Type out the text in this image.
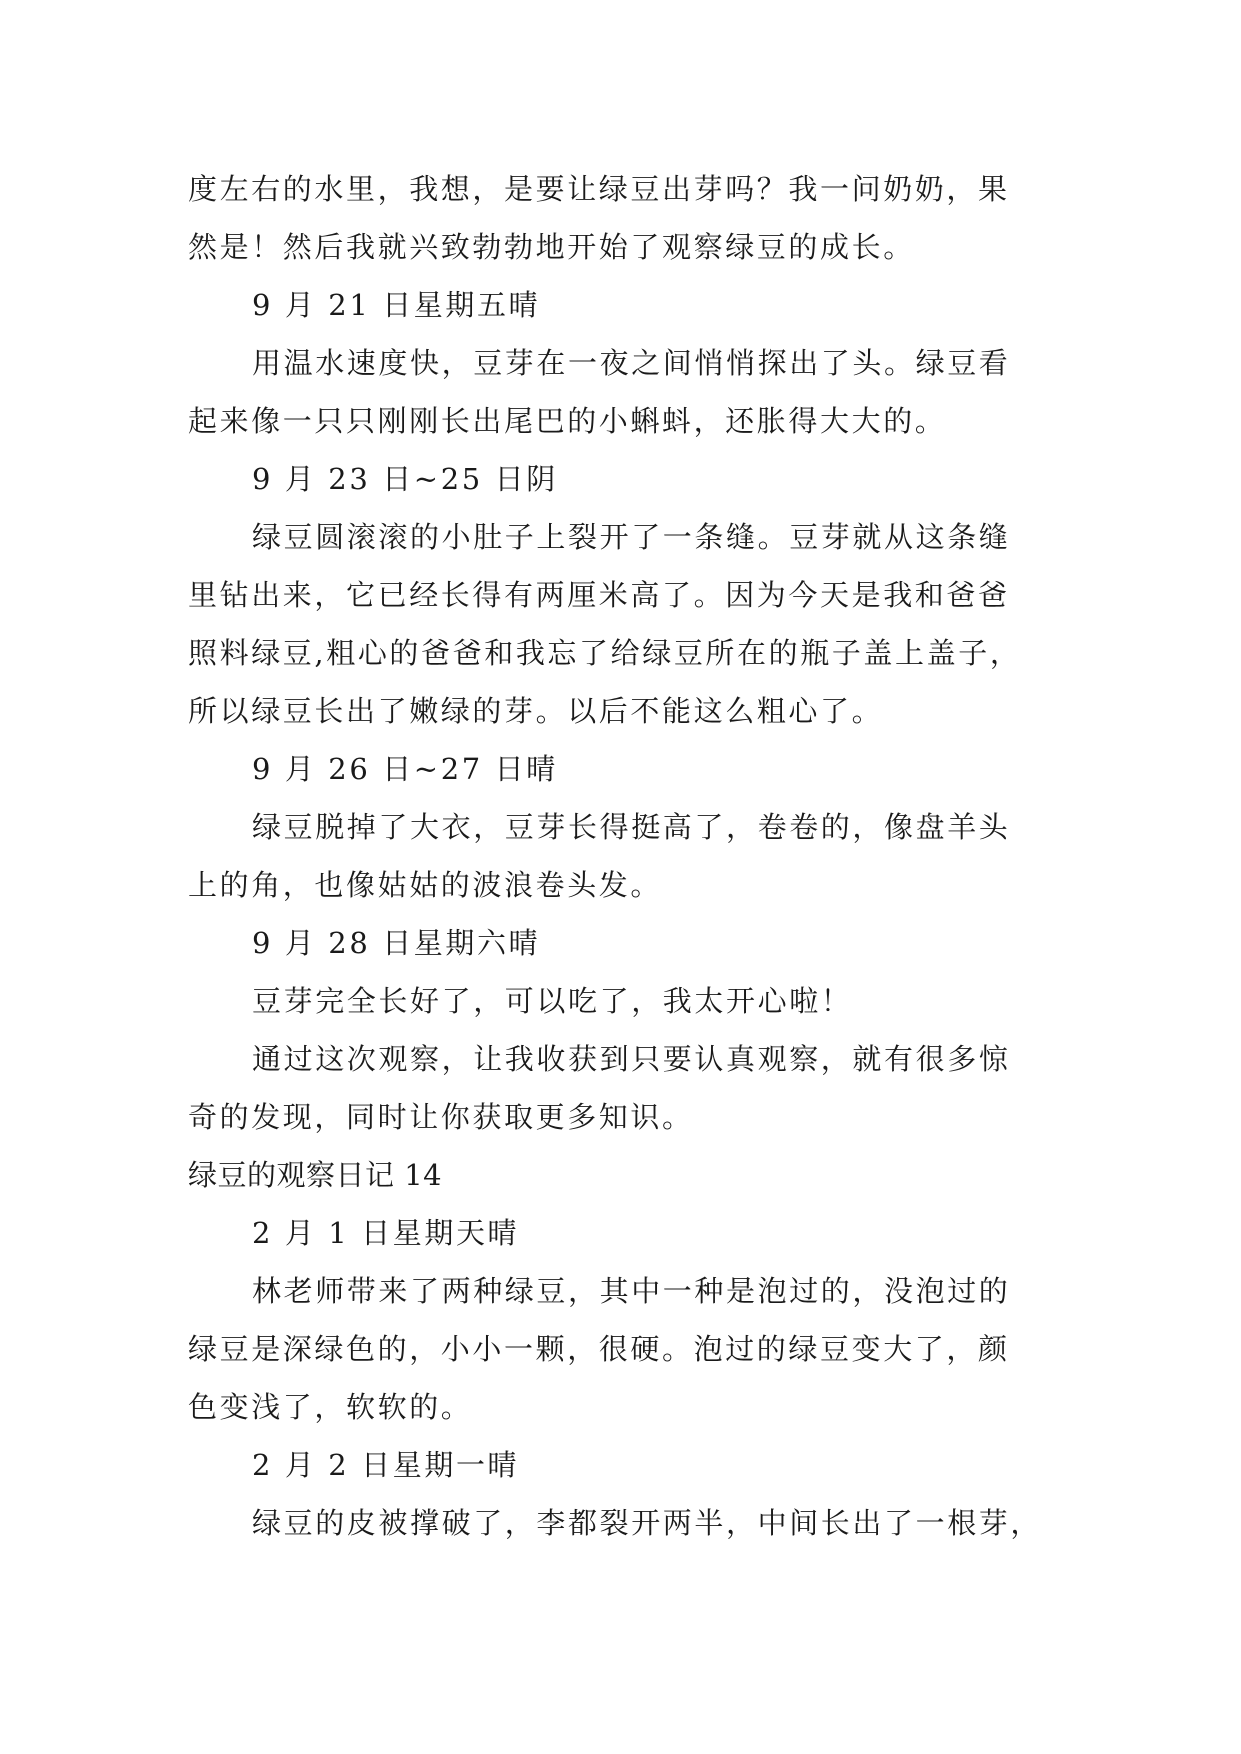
度左右的水里，我想，是要让绿豆出芽吗？我一问奶奶，果
然是！然后我就兴致勃勃地开始了观察绿豆的成长。
9 月 21 日星期五晴
用温水速度快，豆芽在一夜之间悄悄探出了头。绿豆看
起来像一只只刚刚长出尾巴的小蝌蚪，还胀得大大的。
9 月 23 日~25 日阴
绿豆圆滚滚的小肚子上裂开了一条缝。豆芽就从这条缝
里钻出来，它已经长得有两厘米高了。因为今天是我和爸爸
照料绿豆,粗心的爸爸和我忘了给绿豆所在的瓶子盖上盖子，
所以绿豆长出了嫩绿的芽。以后不能这么粗心了。
9 月 26 日~27 日晴
绿豆脱掉了大衣，豆芽长得挺高了，卷卷的，像盘羊头
上的角，也像姑姑的波浪卷头发。
9 月 28 日星期六晴
豆芽完全长好了，可以吃了，我太开心啦！
通过这次观察，让我收获到只要认真观察，就有很多惊
奇的发现，同时让你获取更多知识。
绿豆的观察日记 14
2 月 1 日星期天晴
林老师带来了两种绿豆，其中一种是泡过的，没泡过的
绿豆是深绿色的，小小一颗，很硬。泡过的绿豆变大了，颜
色变浅了，软软的。
2 月 2 日星期一晴
绿豆的皮被撑破了，李都裂开两半，中间长出了一根芽，
